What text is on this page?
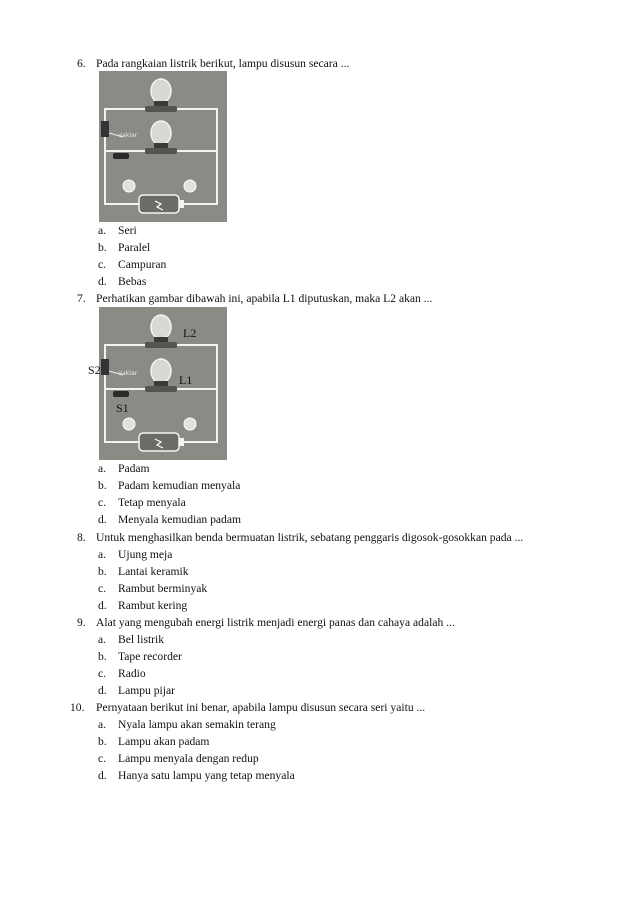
6. Pada rangkaian listrik berikut, lampu disusun secara ...
saklar
a. Seri
b. Paralel
c. Campuran
d. Bebas
7. Perhatikan gambar dibawah ini, apabila L1 diputuskan, maka L2 akan ...
saklar
L2
L1
S2
S1
a. Padam
b. Padam kemudian menyala
c. Tetap menyala
d. Menyala kemudian padam
8. Untuk menghasilkan benda bermuatan listrik, sebatang penggaris digosok-gosokkan pada ...
a. Ujung meja
b. Lantai keramik
c. Rambut berminyak
d. Rambut kering
9. Alat yang mengubah energi listrik menjadi energi panas dan cahaya adalah ...
a. Bel listrik
b. Tape recorder
c. Radio
d. Lampu pijar
10. Pernyataan berikut ini benar, apabila lampu disusun secara seri yaitu ...
a. Nyala lampu akan semakin terang
b. Lampu akan padam
c. Lampu menyala dengan redup
d. Hanya satu lampu yang tetap menyala
